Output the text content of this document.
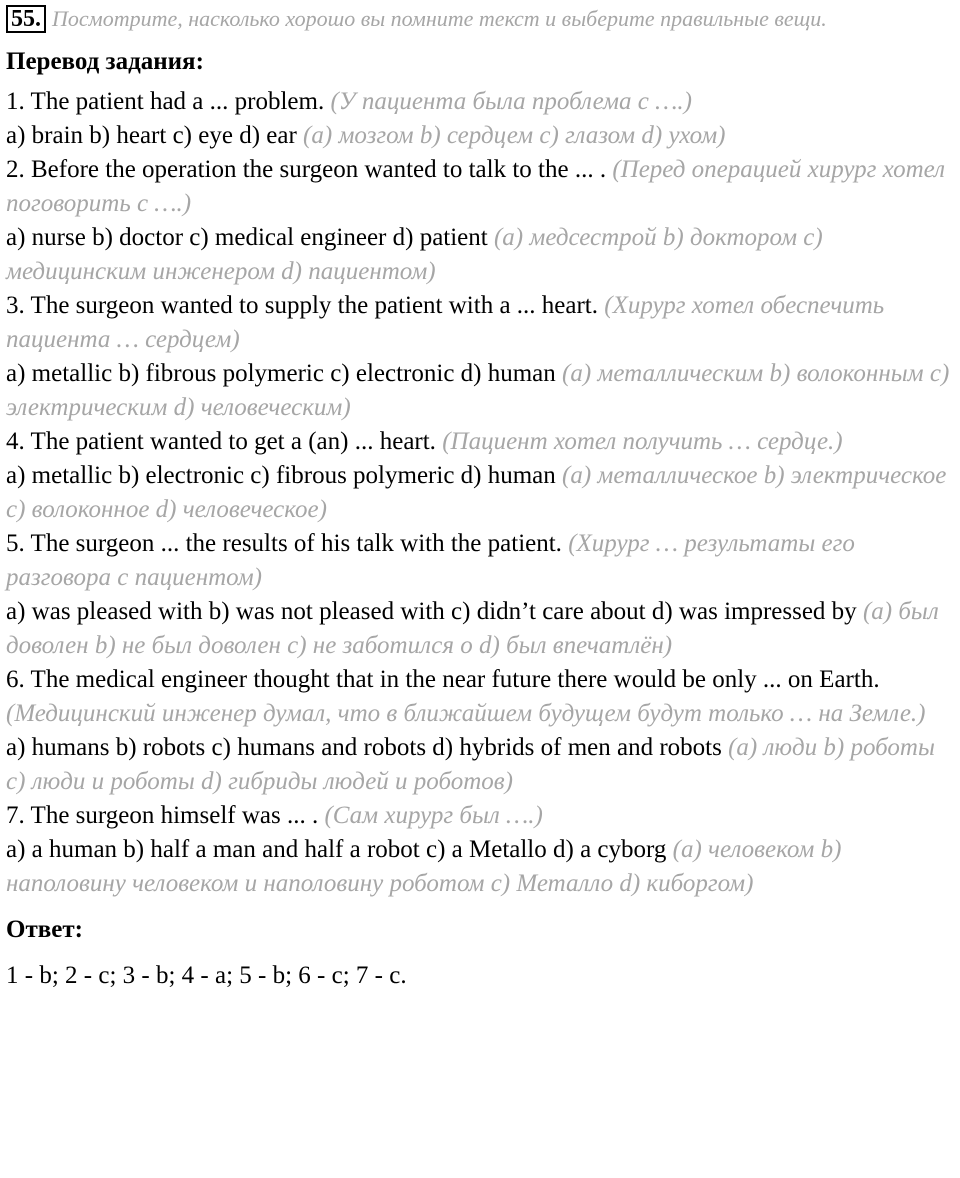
55. Посмотрите, насколько хорошо вы помните текст и выберите правильные вещи.
Перевод задания:
1. The patient had a ... problem. (У пациента была проблема с ….)
a) brain b) heart c) eye d) ear (a) мозгом b) сердцем c) глазом d) ухом)
2. Before the operation the surgeon wanted to talk to the ... . (Перед операцией хирург хотел поговорить с ….)
a) nurse b) doctor c) medical engineer d) patient (a) медсестрой b) доктором c) медицинским инженером d) пациентом)
3. The surgeon wanted to supply the patient with a ... heart. (Хирург хотел обеспечить пациента … сердцем)
a) metallic b) fibrous polymeric c) electronic d) human (a) металлическим b) волоконным c) электрическим d) человеческим)
4. The patient wanted to get a (an) ... heart. (Пациент хотел получить … сердце.)
a) metallic b) electronic c) fibrous polymeric d) human (a) металлическое b) электрическое c) волоконное d) человеческое)
5. The surgeon ... the results of his talk with the patient. (Хирург … результаты его разговора с пациентом)
a) was pleased with b) was not pleased with c) didn’t care about d) was impressed by (a) был доволен b) не был доволен c) не заботился о d) был впечатлён)
6. The medical engineer thought that in the near future there would be only ... on Earth. (Медицинский инженер думал, что в ближайшем будущем будут только … на Земле.)
a) humans b) robots c) humans and robots d) hybrids of men and robots (a) люди b) роботы c) люди и роботы d) гибриды людей и роботов)
7. The surgeon himself was ... . (Сам хирург был ….)
a) a human b) half a man and half a robot c) a Metallo d) a cyborg (a) человеком b) наполовину человеком и наполовину роботом c) Металло d) киборгом)
Ответ:
1 - b; 2 - c; 3 - b; 4 - a; 5 - b; 6 - c; 7 - c.
